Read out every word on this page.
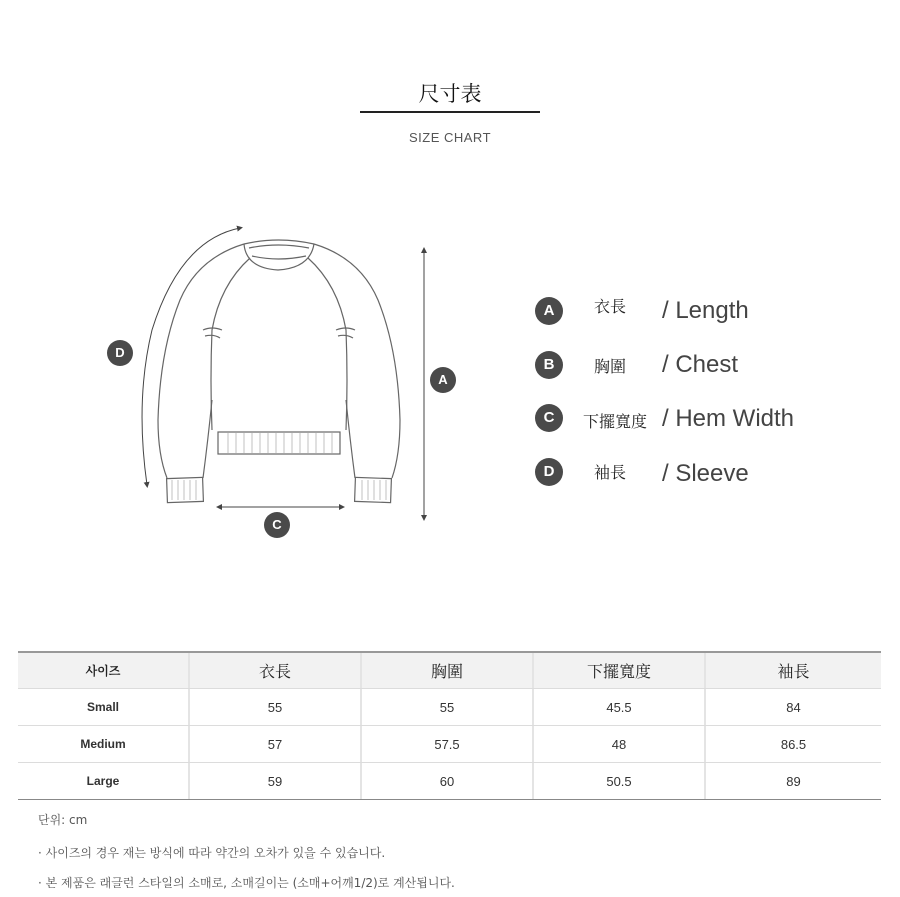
尺寸表
SIZE CHART
D
A
C
A	衣長	/ Length
B	胸圍	/ Chest
C	下擺寬度 / Hem Width
D	袖長	/ Sleeve
사이즈	衣長	胸圍	下擺寬度	袖長
Small	55	55	45.5	84
Medium	57	57.5	48	86.5
Large	59	60	50.5	89
단위: cm
· 사이즈의 경우 재는 방식에 따라 약간의 오차가 있을 수 있습니다.
· 본 제품은 래글런 스타일의 소매로, 소매길이는 (소매+어깨1/2)로 계산됩니다.
